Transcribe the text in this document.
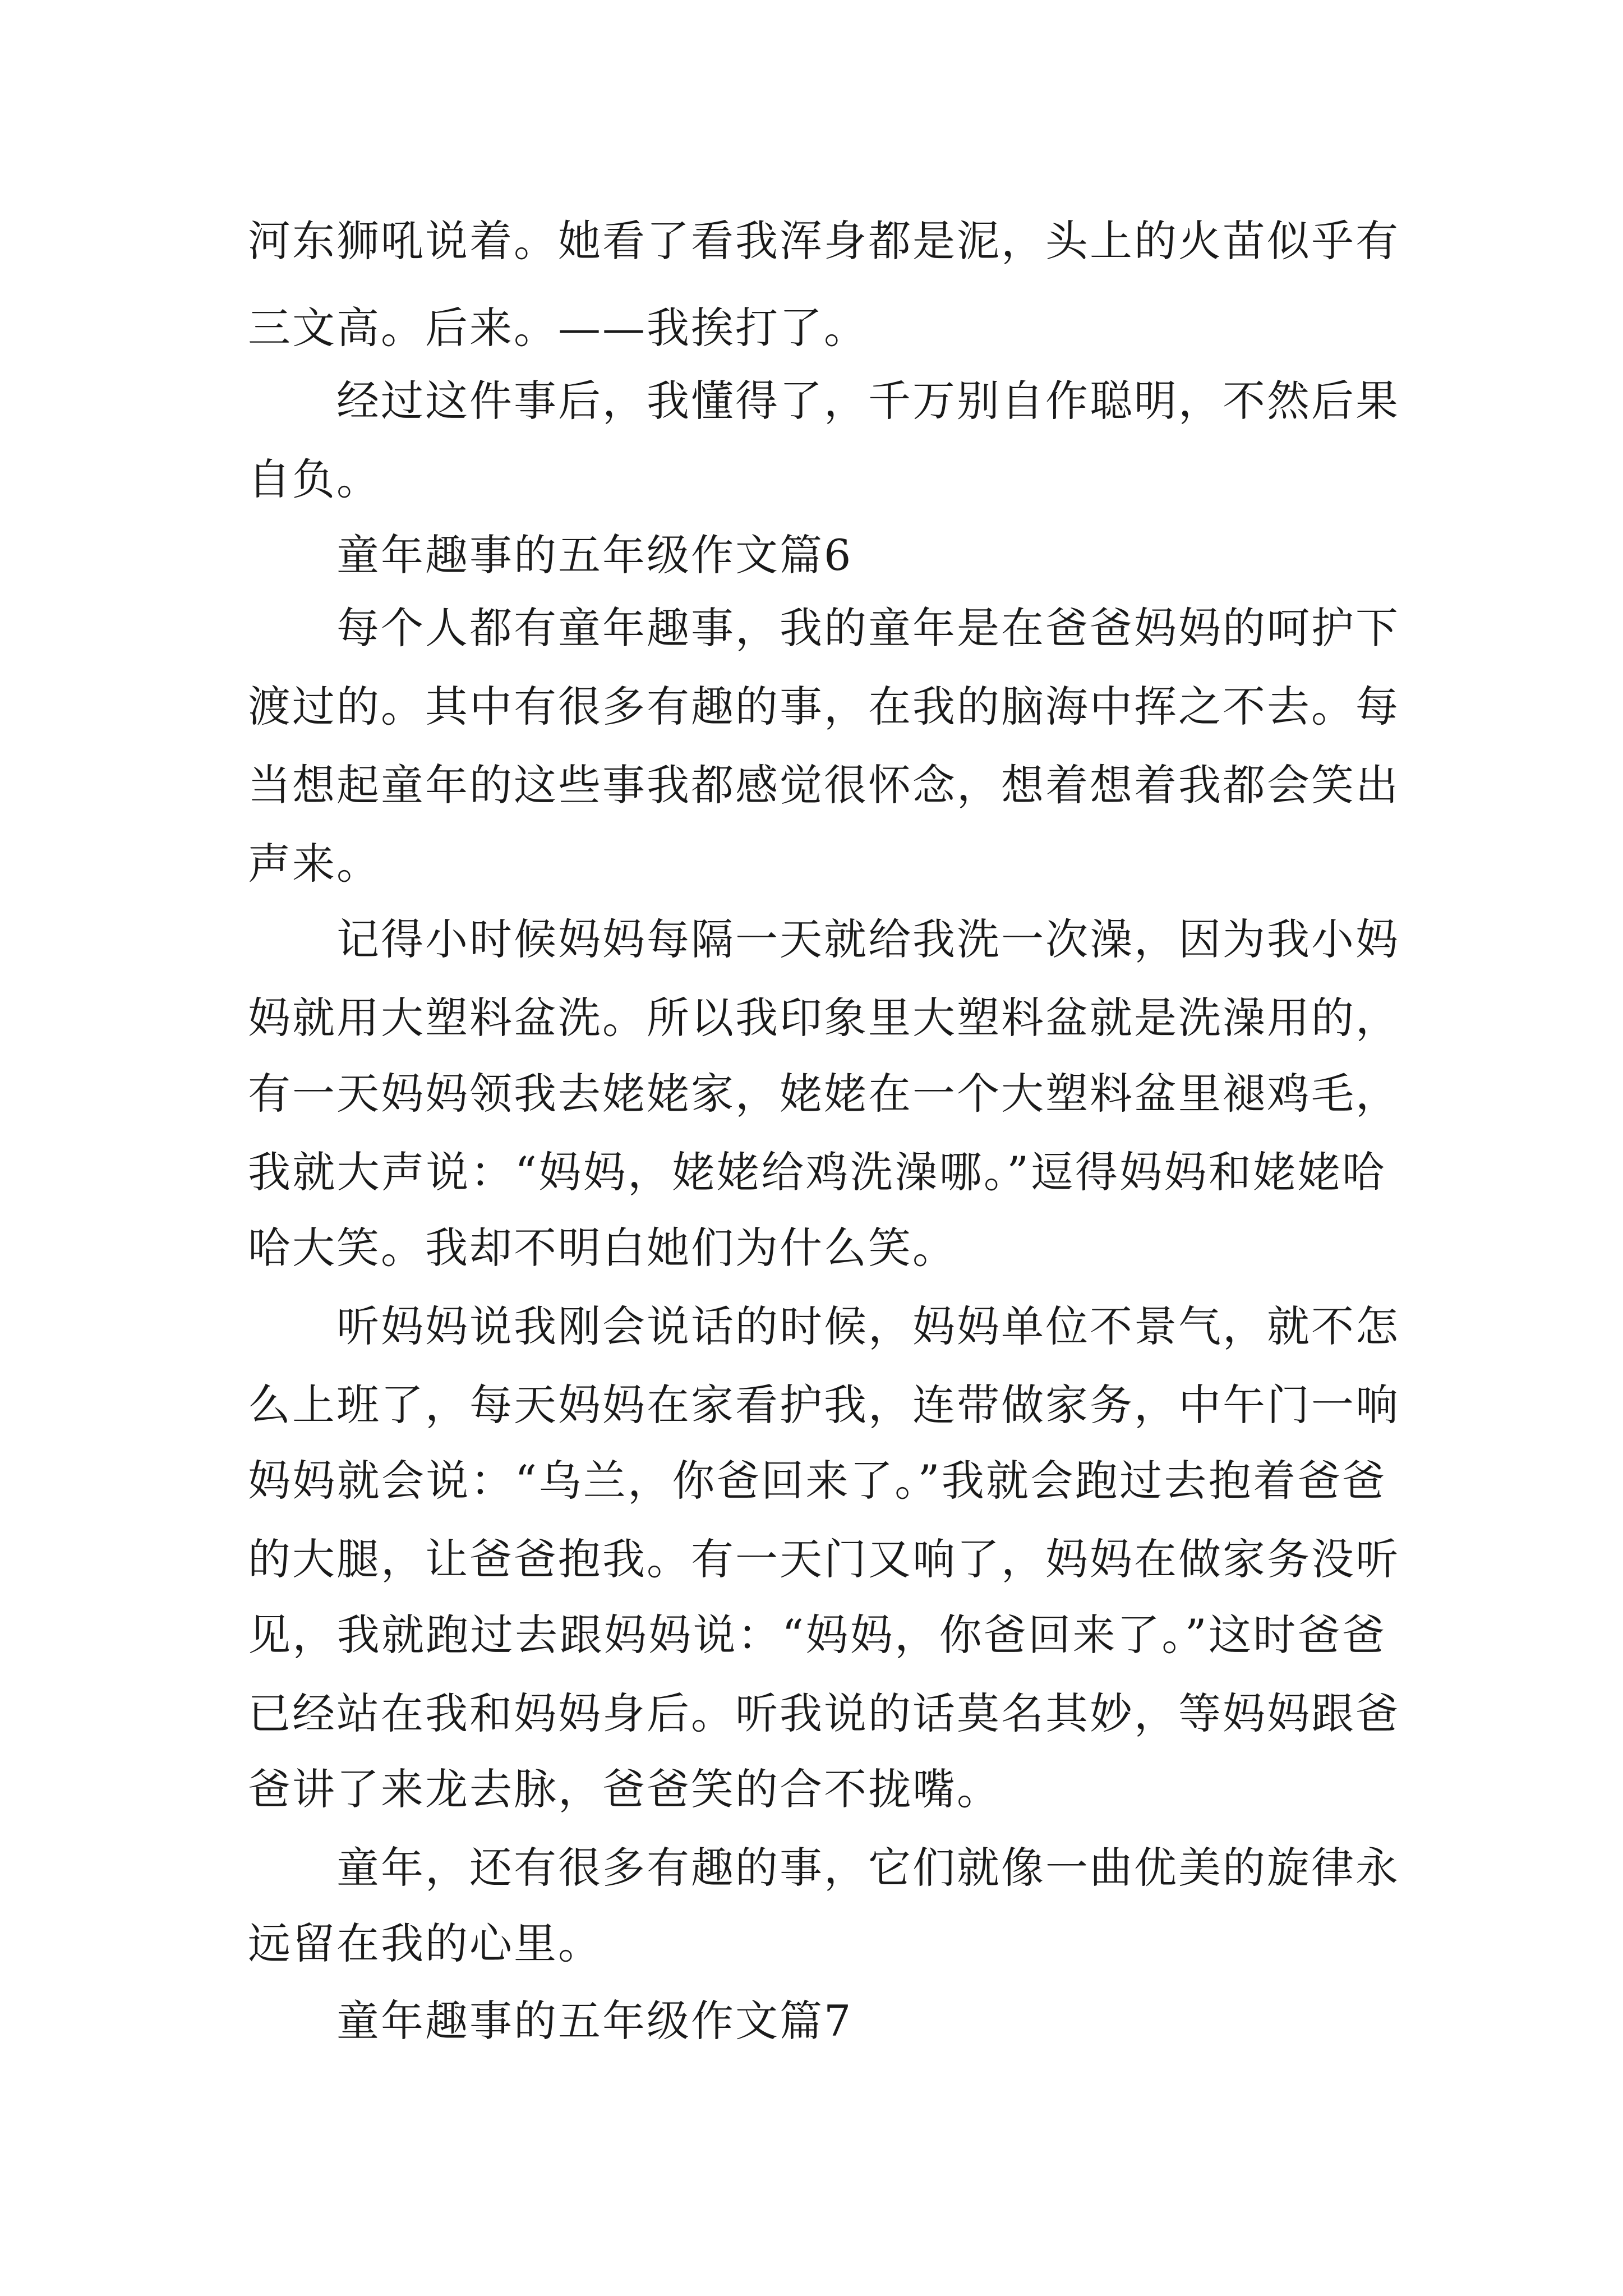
河东狮吼说着。她看了看我浑身都是泥，头上的火苗似乎有
三文高。后来。——我挨打了。
经过这件事后，我懂得了，千万别自作聪明，不然后果
自负。
童年趣事的五年级作文篇6
每个人都有童年趣事，我的童年是在爸爸妈妈的呵护下
渡过的。其中有很多有趣的事，在我的脑海中挥之不去。每
当想起童年的这些事我都感觉很怀念，想着想着我都会笑出
声来。
记得小时候妈妈每隔一天就给我洗一次澡，因为我小妈
妈就用大塑料盆洗。所以我印象里大塑料盆就是洗澡用的，
有一天妈妈领我去姥姥家，姥姥在一个大塑料盆里褪鸡毛，
我就大声说：“妈妈，姥姥给鸡洗澡哪。”逗得妈妈和姥姥哈
哈大笑。我却不明白她们为什么笑。
听妈妈说我刚会说话的时候，妈妈单位不景气，就不怎
么上班了，每天妈妈在家看护我，连带做家务，中午门一响
妈妈就会说：“乌兰，你爸回来了。”我就会跑过去抱着爸爸
的大腿，让爸爸抱我。有一天门又响了，妈妈在做家务没听
见，我就跑过去跟妈妈说：“妈妈，你爸回来了。”这时爸爸
已经站在我和妈妈身后。听我说的话莫名其妙，等妈妈跟爸
爸讲了来龙去脉，爸爸笑的合不拢嘴。
童年，还有很多有趣的事，它们就像一曲优美的旋律永
远留在我的心里。
童年趣事的五年级作文篇7
